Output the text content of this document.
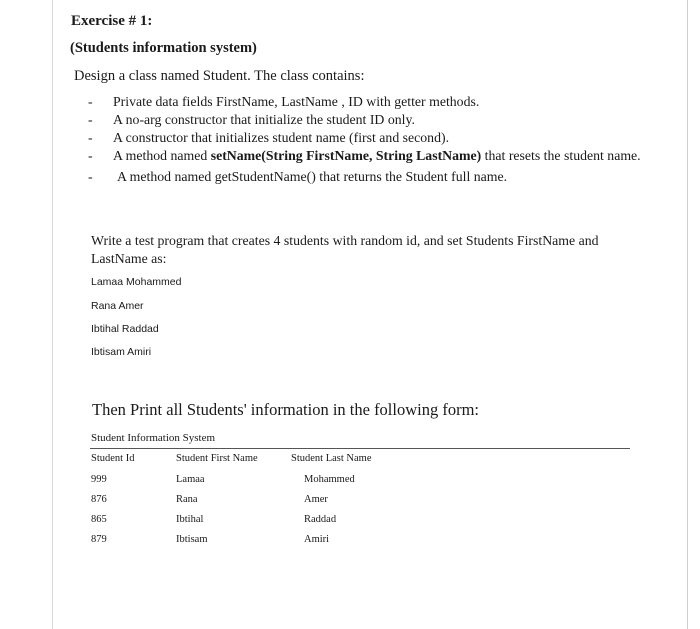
Exercise # 1:
(Students information system)
Design a class named Student. The class contains:
- Private data fields FirstName, LastName , ID with getter methods.
- A no-arg constructor that initialize the student ID only.
- A constructor that initializes student name (first and second).
- A method named setName(String FirstName, String LastName) that resets the student name.
- A method named getStudentName() that returns the Student full name.
Write a test program that creates 4 students with random id, and set Students FirstName and LastName as:
Lamaa Mohammed
Rana Amer
Ibtihal Raddad
Ibtisam Amiri
Then Print all Students' information in the following form:
Student Information System
Student Id	Student First Name	Student Last Name
999	Lamaa	Mohammed
876	Rana	Amer
865	Ibtihal	Raddad
879	Ibtisam	Amiri
